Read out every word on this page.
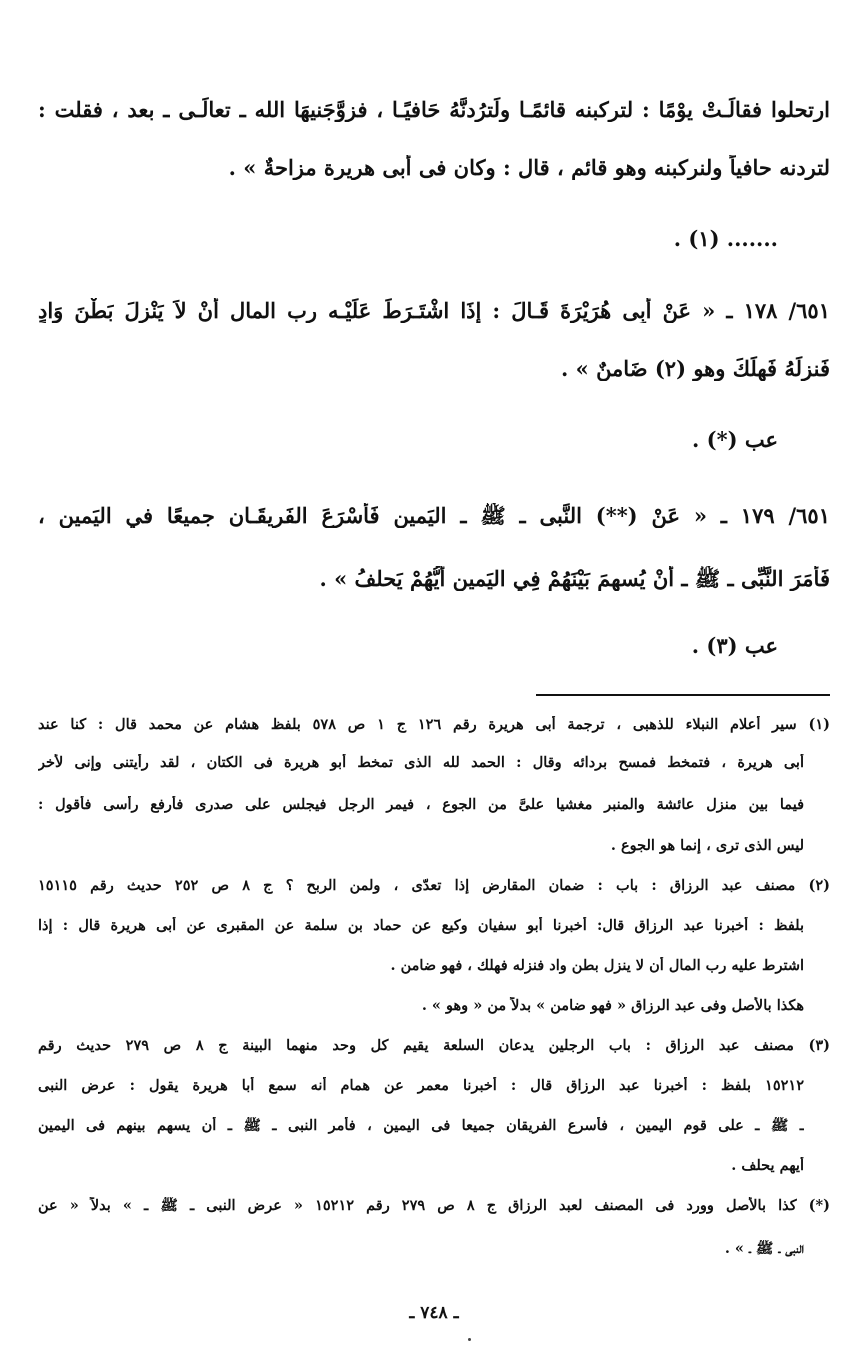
ارتحلوا فقالَـتْ يوْمًا : لتركبنه قائمًـا ولَترُدنَّهُ حَافيًـا ، فزوَّجَنيهَا الله ـ تعالَـى ـ بعد ، فقلت :
لتردنه حافياً ولنركبنه وهو قائم ، قال : وكان فى أبى هريرة مزاحةٌ » .
....... (١) .
٦٥١/ ١٧٨ ـ « عَنْ أَبِى هُرَيْرَةَ قَـالَ : إذَا اشْتَـرَطَ عَلَيْـه رب المال أَنْ لاَ يَنْزِلَ بَطْنَ وَادٍ
فَنزلَهُ فَهلَكَ وهو (٢) ضَامنٌ » .
عب (*) .
٦٥١/ ١٧٩ ـ « عَنْ (**) النَّبى ـ ﷺ ـ اليَمين فَأَسْرَعَ الفَريقَـان جميعًا في اليَمين ،
فَأَمَرَ النَّبِّى ـ ﷺ ـ أَنْ يُسهمَ بَيْنَهُمْ فِي اليَمين أَيُّهُمْ يَحلفُ » .
عب (٣) .
(١) سير أعلام النبلاء للذهبى ، ترجمة أبى هريرة رقم ١٢٦ ج ١ ص ٥٧٨ بلفظ هشام عن محمد قال : كنا عند
أبى هريرة ، فتمخط فمسح بردائه وقال : الحمد لله الذى تمخط أبو هريرة فى الكتان ، لقد رأيتنى وإنى لأخر
فيما بين منزل عائشة والمنبر مغشيا علىَّ من الجوع ، فيمر الرجل فيجلس على صدرى فأرفع رأسى فأقول :
ليس الذى ترى ، إنما هو الجوع .
(٢) مصنف عبد الرزاق : باب : ضمان المقارض إذا تعدّى ، ولمن الربح ؟ ج ٨ ص ٢٥٢ حديث رقم ١٥١١٥
بلفظ : أخبرنا عبد الرزاق قال: أخبرنا أبو سفيان وكيع عن حماد بن سلمة عن المقبرى عن أبى هريرة قال : إذا
اشترط عليه رب المال أن لا ينزل بطن واد فنزله فهلك ، فهو ضامن .
هكذا بالأصل وفى عبد الرزاق « فهو ضامن » بدلاً من « وهو » .
(٣) مصنف عبد الرزاق : باب الرجلين يدعان السلعة يقيم كل وحد منهما البينة ج ٨ ص ٢٧٩ حديث رقم
١٥٢١٢ بلفظ : أخبرنا عبد الرزاق قال : أخبرنا معمر عن همام أنه سمع أبا هريرة يقول : عرض النبى
ـ ﷺ ـ على قوم اليمين ، فأسرع الفريقان جميعا فى اليمين ، فأمر النبى ـ ﷺ ـ أن يسهم بينهم فى اليمين
أيهم يحلف .
(*) كذا بالأصل وورد فى المصنف لعبد الرزاق ج ٨ ص ٢٧٩ رقم ١٥٢١٢ « عرض النبى ـ ﷺ ـ » بدلاً « عن
النبى ـ ﷺ ـ » .
ـ ٧٤٨ ـ
